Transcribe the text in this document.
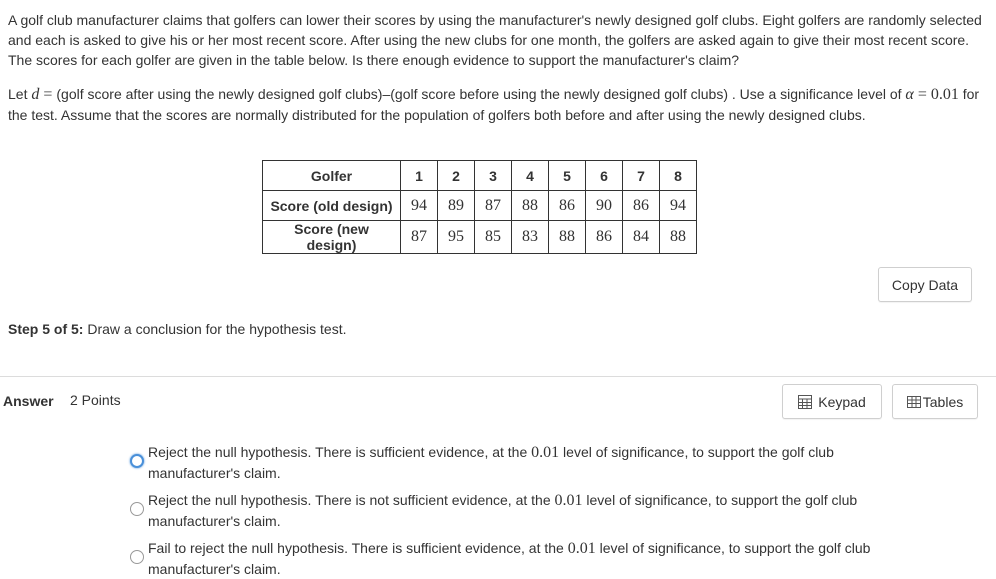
A golf club manufacturer claims that golfers can lower their scores by using the manufacturer's newly designed golf clubs. Eight golfers are randomly selected and each is asked to give his or her most recent score. After using the new clubs for one month, the golfers are asked again to give their most recent score. The scores for each golfer are given in the table below. Is there enough evidence to support the manufacturer's claim?

Let d = (golf score after using the newly designed golf clubs)–(golf score before using the newly designed golf clubs) . Use a significance level of α = 0.01 for the test. Assume that the scores are normally distributed for the population of golfers both before and after using the newly designed clubs.

Golfer	1	2	3	4	5	6	7	8
Score (old design)	94	89	87	88	86	90	86	94
Score (new design)	87	95	85	83	88	86	84	88
Copy Data
Step 5 of 5: Draw a conclusion for the hypothesis test.
Answer 2 Points	Keypad	Tables
Reject the null hypothesis. There is sufficient evidence, at the 0.01 level of significance, to support the golf club manufacturer's claim.
Reject the null hypothesis. There is not sufficient evidence, at the 0.01 level of significance, to support the golf club manufacturer's claim.
Fail to reject the null hypothesis. There is sufficient evidence, at the 0.01 level of significance, to support the golf club manufacturer's claim.
